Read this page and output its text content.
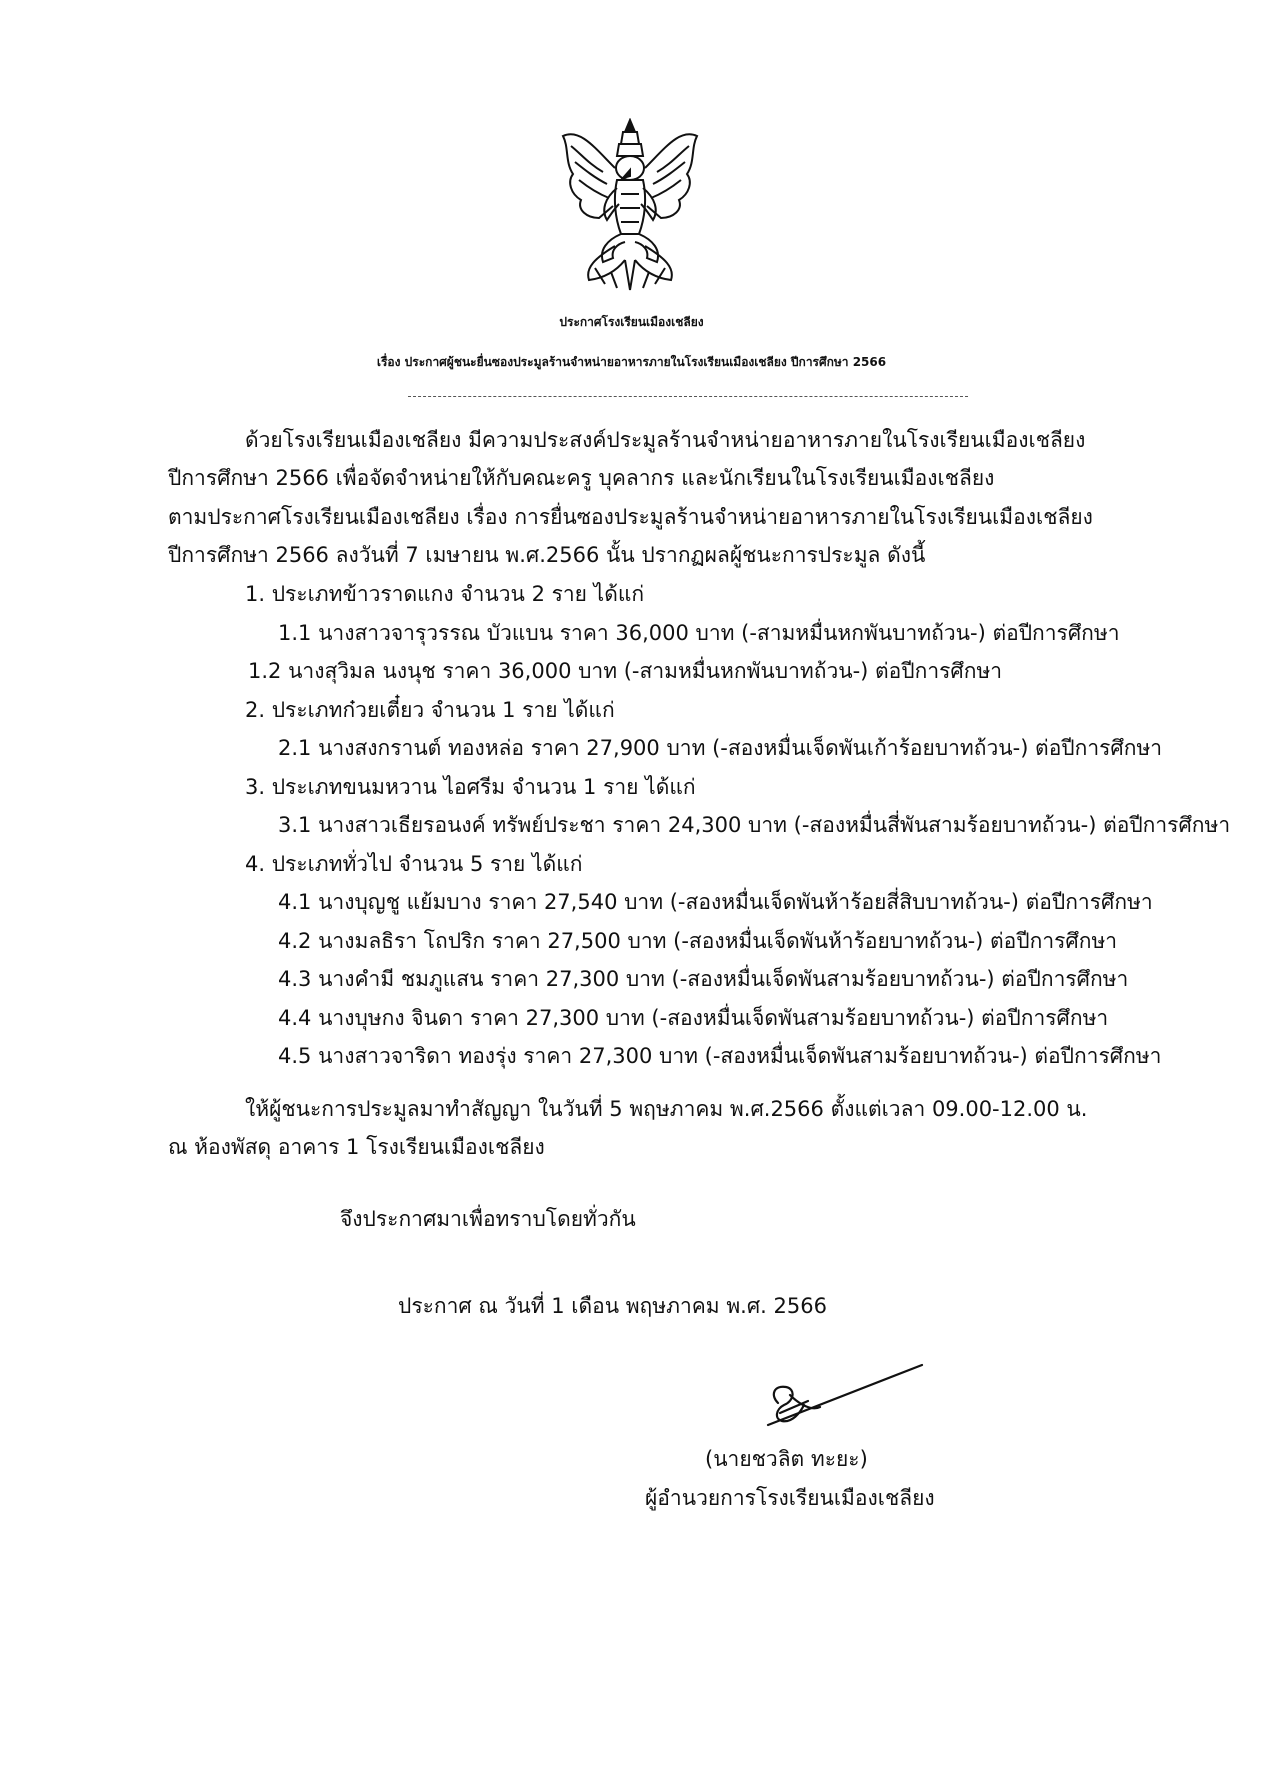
ประกาศโรงเรียนเมืองเชลียง
เรื่อง ประกาศผู้ชนะยื่นซองประมูลร้านจำหน่ายอาหารภายในโรงเรียนเมืองเชลียง ปีการศึกษา 2566
ด้วยโรงเรียนเมืองเชลียง มีความประสงค์ประมูลร้านจำหน่ายอาหารภายในโรงเรียนเมืองเชลียง
ปีการศึกษา 2566 เพื่อจัดจำหน่ายให้กับคณะครู บุคลากร และนักเรียนในโรงเรียนเมืองเชลียง
ตามประกาศโรงเรียนเมืองเชลียง เรื่อง การยื่นซองประมูลร้านจำหน่ายอาหารภายในโรงเรียนเมืองเชลียง
ปีการศึกษา 2566 ลงวันที่ 7 เมษายน พ.ศ.2566 นั้น ปรากฏผลผู้ชนะการประมูล ดังนี้
1. ประเภทข้าวราดแกง จำนวน 2 ราย ได้แก่
1.1 นางสาวจารุวรรณ บัวแบน ราคา 36,000 บาท (-สามหมื่นหกพันบาทถ้วน-) ต่อปีการศึกษา
1.2 นางสุวิมล นงนุช ราคา 36,000 บาท (-สามหมื่นหกพันบาทถ้วน-) ต่อปีการศึกษา
2. ประเภทก๋วยเตี๋ยว จำนวน 1 ราย ได้แก่
2.1 นางสงกรานต์ ทองหล่อ ราคา 27,900 บาท (-สองหมื่นเจ็ดพันเก้าร้อยบาทถ้วน-) ต่อปีการศึกษา
3. ประเภทขนมหวาน ไอศรีม จำนวน 1 ราย ได้แก่
3.1 นางสาวเธียรอนงค์ ทรัพย์ประชา ราคา 24,300 บาท (-สองหมื่นสี่พันสามร้อยบาทถ้วน-) ต่อปีการศึกษา
4. ประเภททั่วไป จำนวน 5 ราย ได้แก่
4.1 นางบุญชู แย้มบาง ราคา 27,540 บาท (-สองหมื่นเจ็ดพันห้าร้อยสี่สิบบาทถ้วน-) ต่อปีการศึกษา
4.2 นางมลธิรา โถปริก ราคา 27,500 บาท (-สองหมื่นเจ็ดพันห้าร้อยบาทถ้วน-) ต่อปีการศึกษา
4.3 นางคำมี ชมภูแสน ราคา 27,300 บาท (-สองหมื่นเจ็ดพันสามร้อยบาทถ้วน-) ต่อปีการศึกษา
4.4 นางบุษกง จินดา ราคา 27,300 บาท (-สองหมื่นเจ็ดพันสามร้อยบาทถ้วน-) ต่อปีการศึกษา
4.5 นางสาวจาริดา ทองรุ่ง ราคา 27,300 บาท (-สองหมื่นเจ็ดพันสามร้อยบาทถ้วน-) ต่อปีการศึกษา
ให้ผู้ชนะการประมูลมาทำสัญญา ในวันที่ 5 พฤษภาคม พ.ศ.2566 ตั้งแต่เวลา 09.00-12.00 น.
ณ ห้องพัสดุ อาคาร 1 โรงเรียนเมืองเชลียง
จึงประกาศมาเพื่อทราบโดยทั่วกัน
ประกาศ ณ วันที่ 1 เดือน พฤษภาคม พ.ศ. 2566
(นายชวลิต ทะยะ)
ผู้อำนวยการโรงเรียนเมืองเชลียง
